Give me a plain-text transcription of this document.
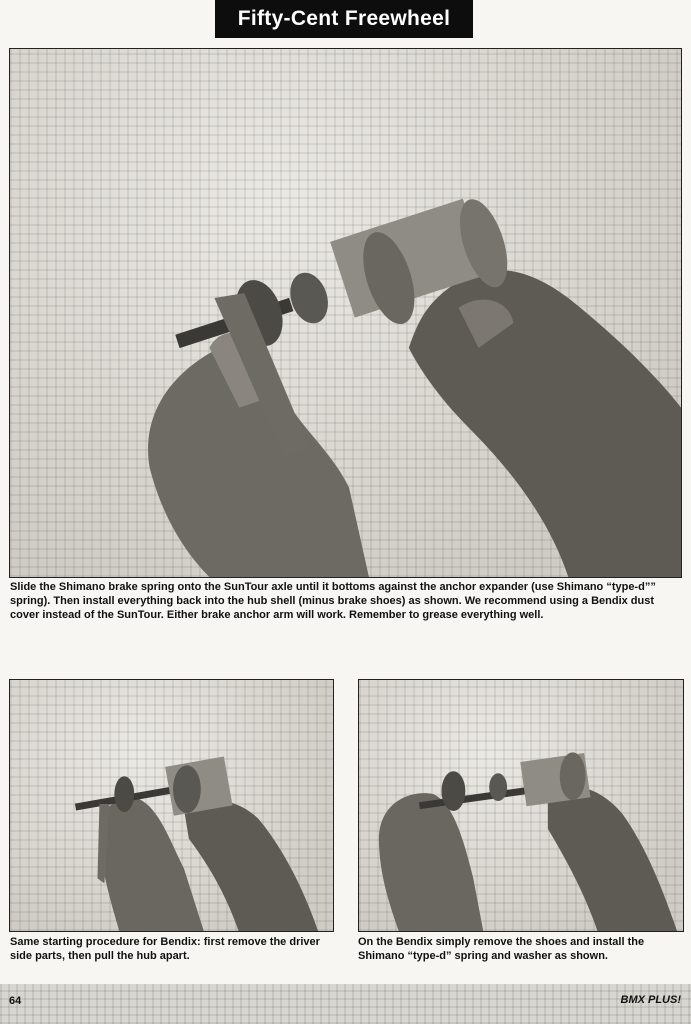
Fifty-Cent Freewheel
Slide the Shimano brake spring onto the SunTour axle until it bottoms against the anchor expander (use Shimano “type-d”” spring). Then install everything back into the hub shell (minus brake shoes) as shown. We recommend using a Bendix dust cover instead of the SunTour. Either brake anchor arm will work. Remember to grease everything well.
Same starting procedure for Bendix: first remove the driver side parts, then pull the hub apart.
On the Bendix simply remove the shoes and install the Shimano “type-d” spring and washer as shown.
64	BMX PLUS!
